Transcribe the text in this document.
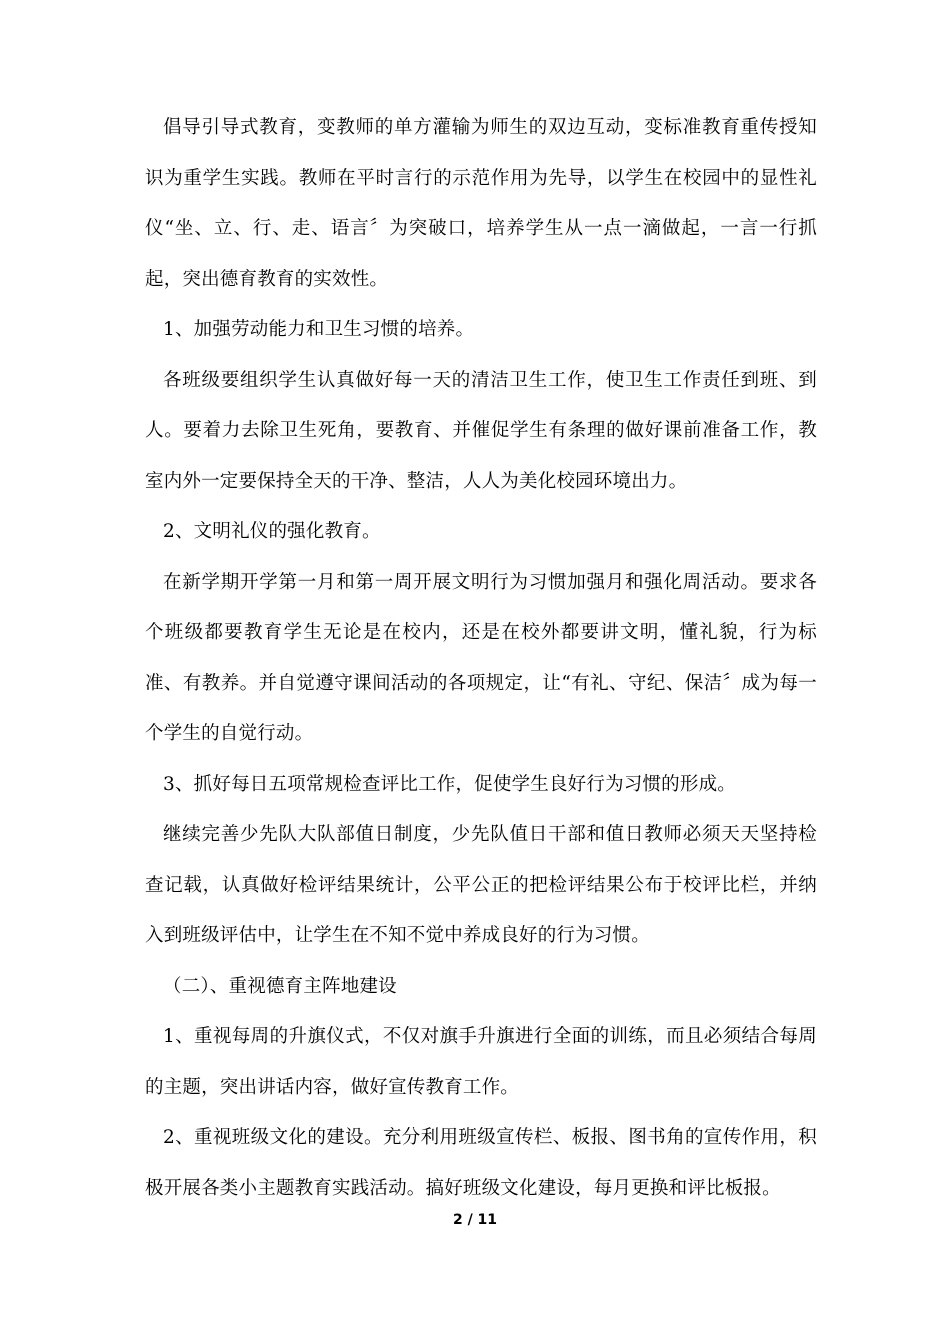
倡导引导式教育，变教师的单方灌输为师生的双边互动，变标准教育重传授知识为重学生实践。教师在平时言行的示范作用为先导，以学生在校园中的显性礼仪“坐、立、行、走、语言〞为突破口，培养学生从一点一滴做起，一言一行抓起，突出德育教育的实效性。

1、加强劳动能力和卫生习惯的培养。

各班级要组织学生认真做好每一天的清洁卫生工作，使卫生工作责任到班、到人。要着力去除卫生死角，要教育、并催促学生有条理的做好课前准备工作，教室内外一定要保持全天的干净、整洁，人人为美化校园环境出力。

2、文明礼仪的强化教育。

在新学期开学第一月和第一周开展文明行为习惯加强月和强化周活动。要求各个班级都要教育学生无论是在校内，还是在校外都要讲文明，懂礼貌，行为标准、有教养。并自觉遵守课间活动的各项规定，让“有礼、守纪、保洁〞成为每一个学生的自觉行动。

3、抓好每日五项常规检查评比工作，促使学生良好行为习惯的形成。

继续完善少先队大队部值日制度，少先队值日干部和值日教师必须天天坚持检查记载，认真做好检评结果统计，公平公正的把检评结果公布于校评比栏，并纳入到班级评估中，让学生在不知不觉中养成良好的行为习惯。

（二）、重视德育主阵地建设

1、重视每周的升旗仪式，不仅对旗手升旗进行全面的训练，而且必须结合每周的主题，突出讲话内容，做好宣传教育工作。

2、重视班级文化的建设。充分利用班级宣传栏、板报、图书角的宣传作用，积极开展各类小主题教育实践活动。搞好班级文化建设，每月更换和评比板报。

2 / 11
